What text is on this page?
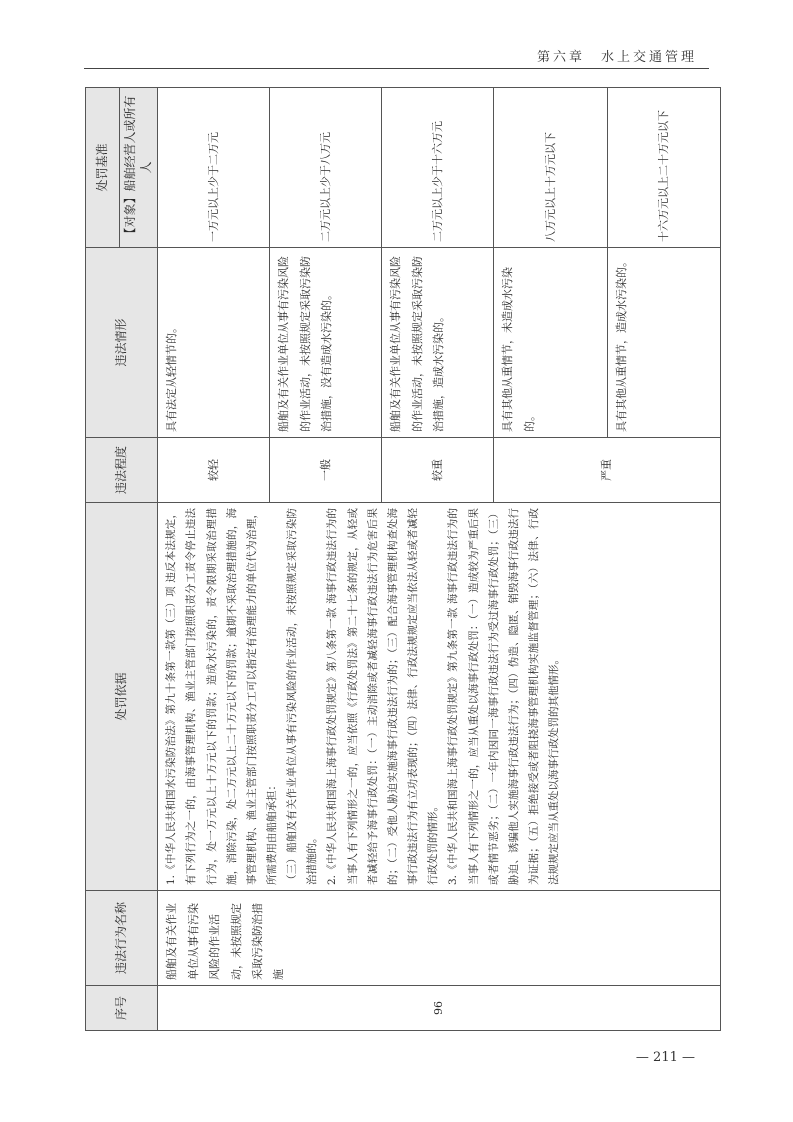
第六章　水上交通管理
序号	违法行为名称	处罚依据	违法程度	违法情形	处罚基准
					【对象】船舶经营人或所有人
96	船舶及有关作业单位从事有污染风险的作业活动，未按照规定采取污染防治措施	1.《中华人民共和国水污染防治法》第九十条第一款第（三）项 违反本法规定，有下列行为之一的，由海事管理机构、渔业主管部门按照职责分工责令停止违法行为，处一万元以上十万元以下的罚款；造成水污染的，责令限期采取治理措施，消除污染，处二万元以上二十万元以下的罚款；逾期不采取治理措施的，海事管理机构、渔业主管部门按照职责分工可以指定有治理能力的单位代为治理，所需费用由船舶承担： （三）船舶及有关作业单位从事有污染风险的作业活动，未按照规定采取污染防治措施的。 2.《中华人民共和国海上海事行政处罚规定》第八条第一款 海事行政违法行为的当事人有下列情形之一的，应当依照《行政处罚法》第二十七条的规定，从轻或者减轻给予海事行政处罚：（一）主动消除或者减轻海事行政违法行为危害后果的；（二）受他人胁迫实施海事行政违法行为的；（三）配合海事管理机构查处海事行政违法行为有立功表现的；（四）法律、行政法规规定应当依法从轻或者减轻行政处罚的情形。 3.《中华人民共和国海上海事行政处罚规定》第九条第一款 海事行政违法行为的当事人有下列情形之一的，应当从重处以海事行政处罚：（一）造成较为严重后果或者情节恶劣；（二）一年内因同一海事行政违法行为受过海事行政处罚；（三）胁迫、诱骗他人实施海事行政违法行为；（四）伪造、隐匿、销毁海事行政违法行为证据；（五）拒绝接受或者阻挠海事管理机构实施监督管理；（六）法律、行政法规规定应当从重处以海事行政处罚的其他情形。	较轻	具有法定从轻情节的。	一万元以上少于二万元
			一般	船舶及有关作业单位从事有污染风险的作业活动，未按照规定采取污染防治措施，没有造成水污染的。	二万元以上少于八万元
			较重	船舶及有关作业单位从事有污染风险的作业活动，未按照规定采取污染防治措施，造成水污染的。	二万元以上少于十六万元
			严重	具有其他从重情节，未造成水污染的。	八万元以上十万元以下
				具有其他从重情节，造成水污染的。	十六万元以上二十万元以下
— 211 —
